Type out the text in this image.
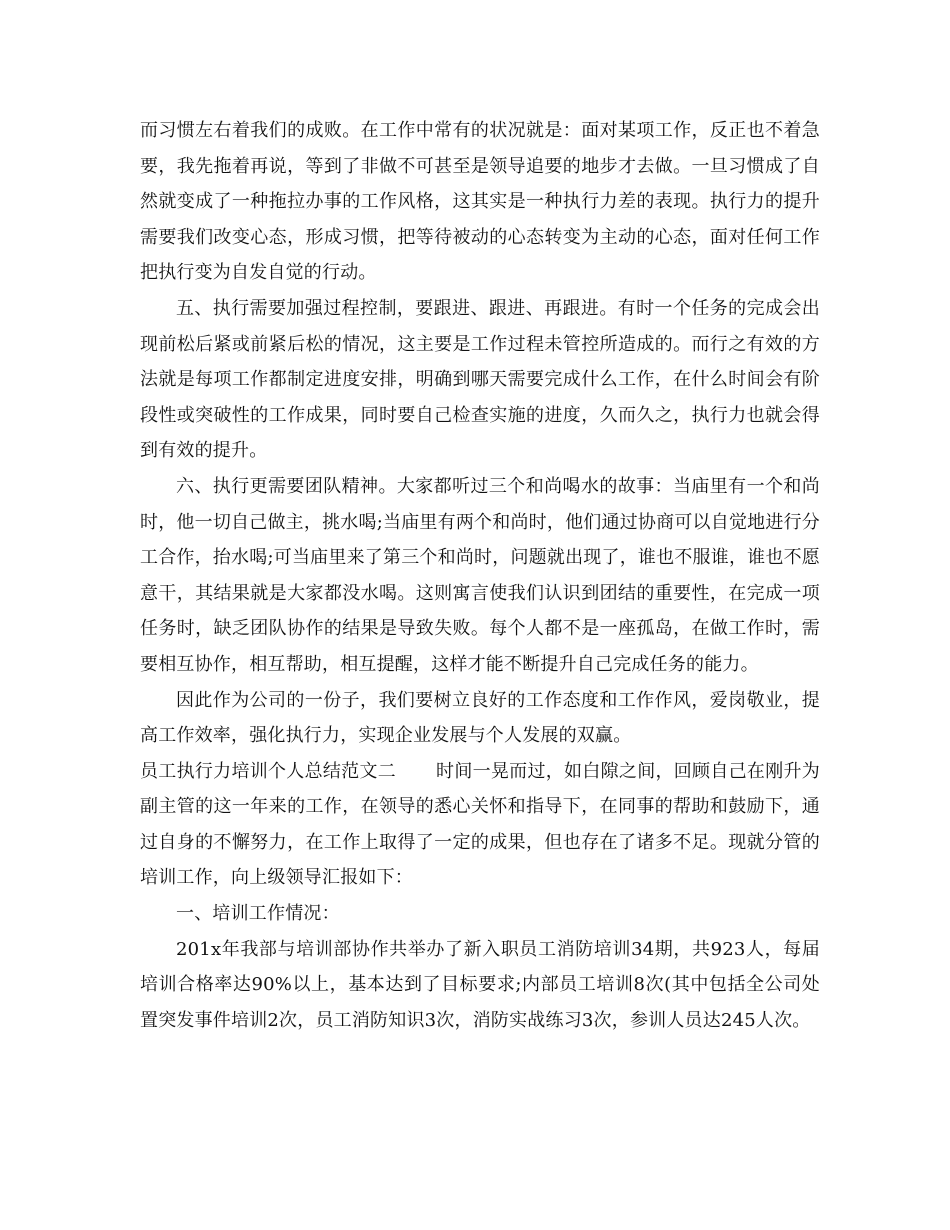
而习惯左右着我们的成败。在工作中常有的状况就是：面对某项工作，反正也不着急要，我先拖着再说，等到了非做不可甚至是领导追要的地步才去做。一旦习惯成了自然就变成了一种拖拉办事的工作风格，这其实是一种执行力差的表现。执行力的提升需要我们改变心态，形成习惯，把等待被动的心态转变为主动的心态，面对任何工作把执行变为自发自觉的行动。

五、执行需要加强过程控制，要跟进、跟进、再跟进。有时一个任务的完成会出现前松后紧或前紧后松的情况，这主要是工作过程未管控所造成的。而行之有效的方法就是每项工作都制定进度安排，明确到哪天需要完成什么工作，在什么时间会有阶段性或突破性的工作成果，同时要自己检查实施的进度，久而久之，执行力也就会得到有效的提升。

六、执行更需要团队精神。大家都听过三个和尚喝水的故事：当庙里有一个和尚时，他一切自己做主，挑水喝;当庙里有两个和尚时，他们通过协商可以自觉地进行分工合作，抬水喝;可当庙里来了第三个和尚时，问题就出现了，谁也不服谁，谁也不愿意干，其结果就是大家都没水喝。这则寓言使我们认识到团结的重要性，在完成一项任务时，缺乏团队协作的结果是导致失败。每个人都不是一座孤岛，在做工作时，需要相互协作，相互帮助，相互提醒，这样才能不断提升自己完成任务的能力。

因此作为公司的一份子，我们要树立良好的工作态度和工作作风，爱岗敬业，提高工作效率，强化执行力，实现企业发展与个人发展的双赢。

员工执行力培训个人总结范文二 时间一晃而过，如白隙之间，回顾自己在刚升为副主管的这一年来的工作，在领导的悉心关怀和指导下，在同事的帮助和鼓励下，通过自身的不懈努力，在工作上取得了一定的成果，但也存在了诸多不足。现就分管的培训工作，向上级领导汇报如下：

一、培训工作情况：

201x年我部与培训部协作共举办了新入职员工消防培训34期，共923人，每届培训合格率达90%以上，基本达到了目标要求;内部员工培训8次(其中包括全公司处置突发事件培训2次，员工消防知识3次，消防实战练习3次，参训人员达245人次。
